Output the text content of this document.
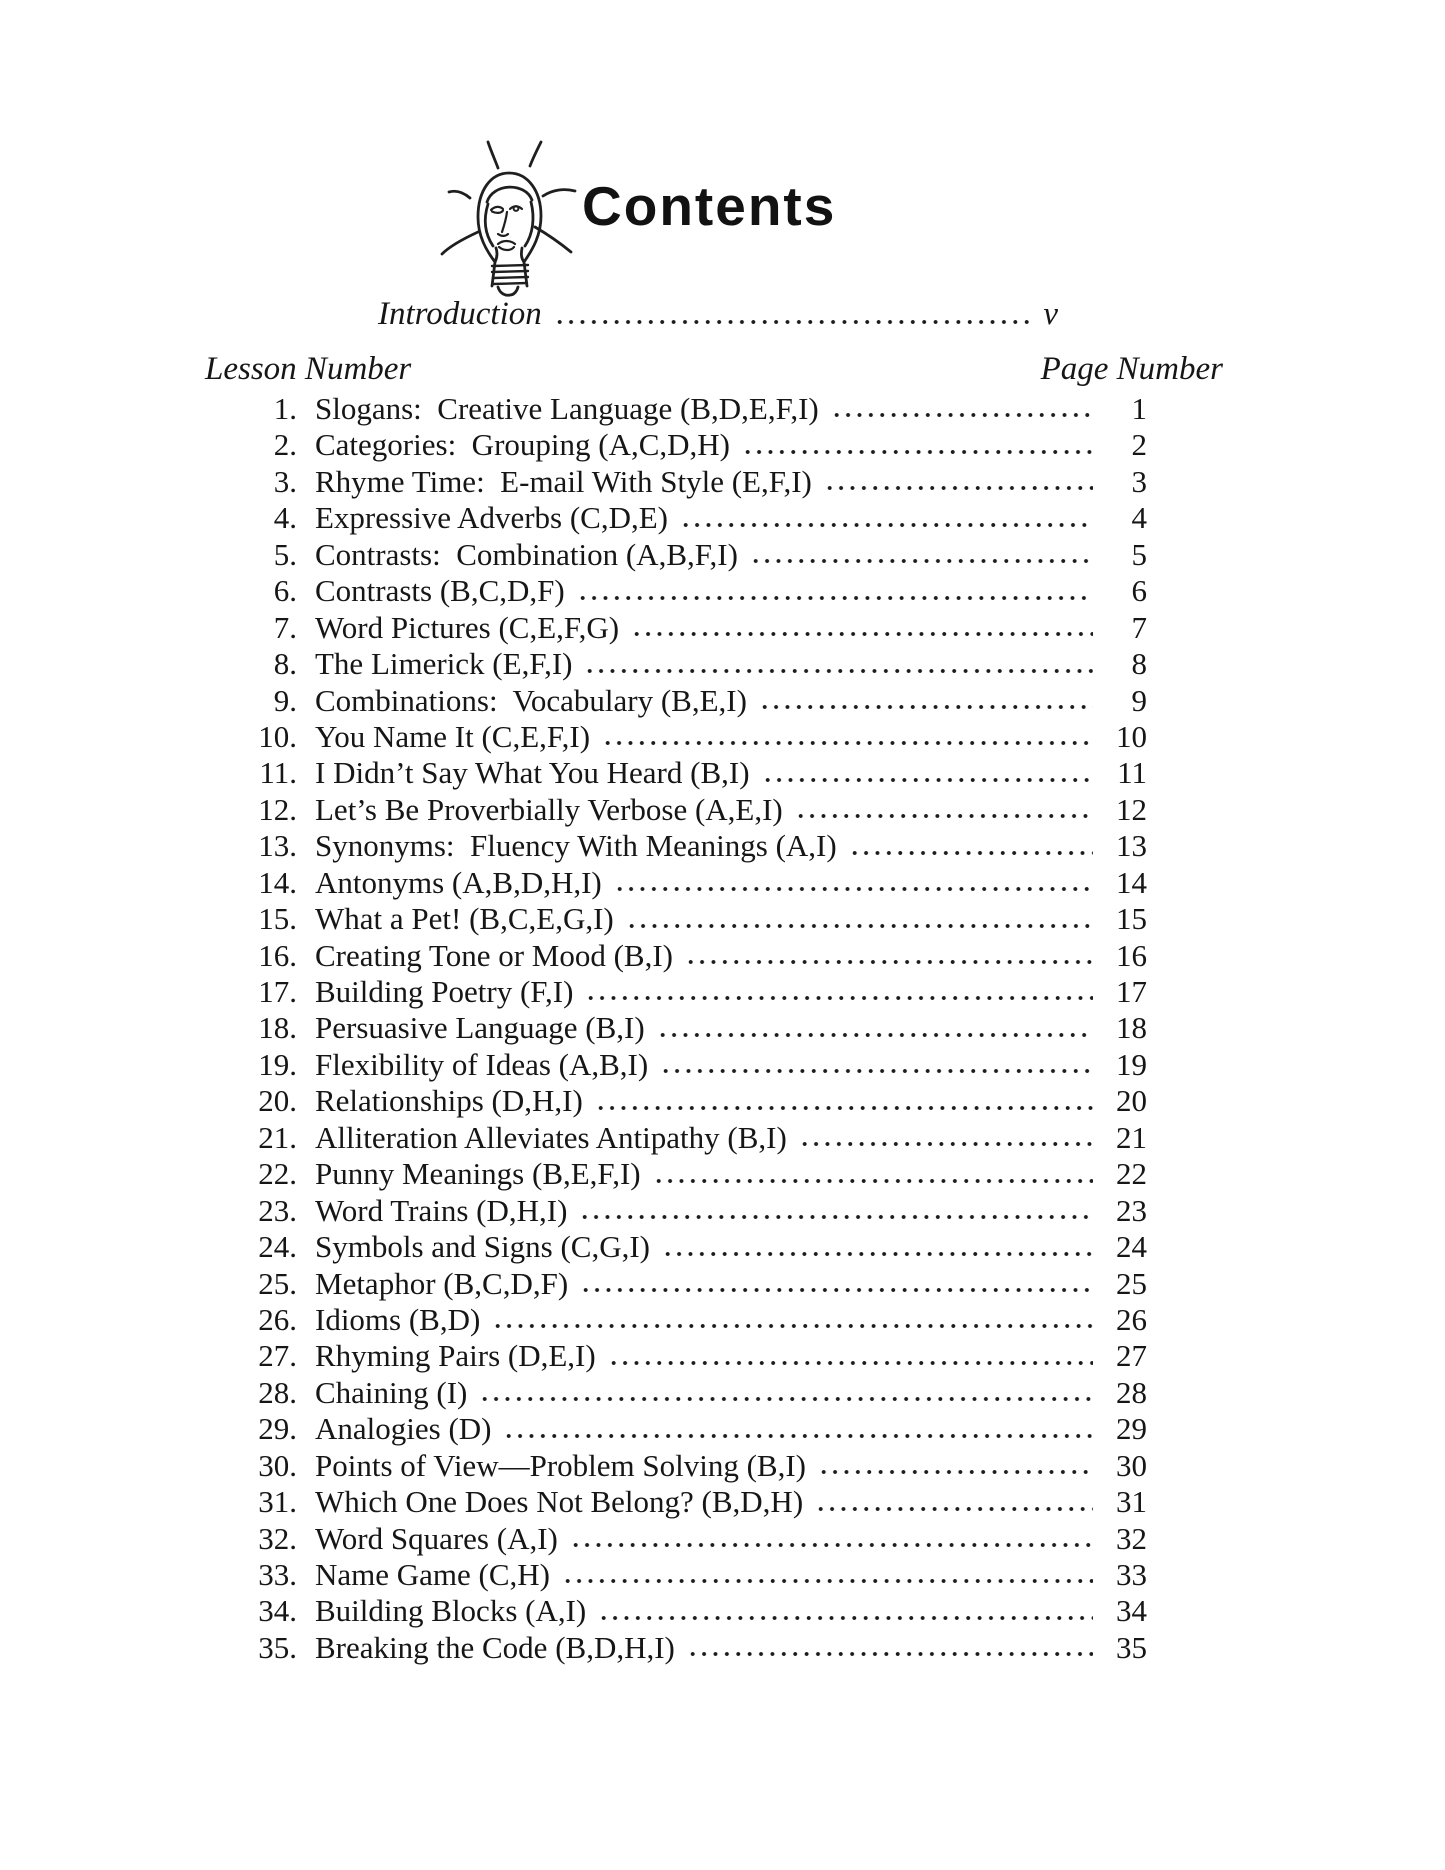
Contents
Introduction	v
Lesson Number	Page Number
1. Slogans:  Creative Language (B,D,E,F,I)	1
2. Categories:  Grouping (A,C,D,H)	2
3. Rhyme Time:  E-mail With Style (E,F,I)	3
4. Expressive Adverbs (C,D,E)	4
5. Contrasts:  Combination (A,B,F,I)	5
6. Contrasts (B,C,D,F)	6
7. Word Pictures (C,E,F,G)	7
8. The Limerick (E,F,I)	8
9. Combinations:  Vocabulary (B,E,I)	9
10. You Name It (C,E,F,I)	10
11. I Didn’t Say What You Heard (B,I)	11
12. Let’s Be Proverbially Verbose (A,E,I)	12
13. Synonyms:  Fluency With Meanings (A,I)	13
14. Antonyms (A,B,D,H,I)	14
15. What a Pet! (B,C,E,G,I)	15
16. Creating Tone or Mood (B,I)	16
17. Building Poetry (F,I)	17
18. Persuasive Language (B,I)	18
19. Flexibility of Ideas (A,B,I)	19
20. Relationships (D,H,I)	20
21. Alliteration Alleviates Antipathy (B,I)	21
22. Punny Meanings (B,E,F,I)	22
23. Word Trains (D,H,I)	23
24. Symbols and Signs (C,G,I)	24
25. Metaphor (B,C,D,F)	25
26. Idioms (B,D)	26
27. Rhyming Pairs (D,E,I)	27
28. Chaining (I)	28
29. Analogies (D)	29
30. Points of View—Problem Solving (B,I)	30
31. Which One Does Not Belong? (B,D,H)	31
32. Word Squares (A,I)	32
33. Name Game (C,H)	33
34. Building Blocks (A,I)	34
35. Breaking the Code (B,D,H,I)	35
